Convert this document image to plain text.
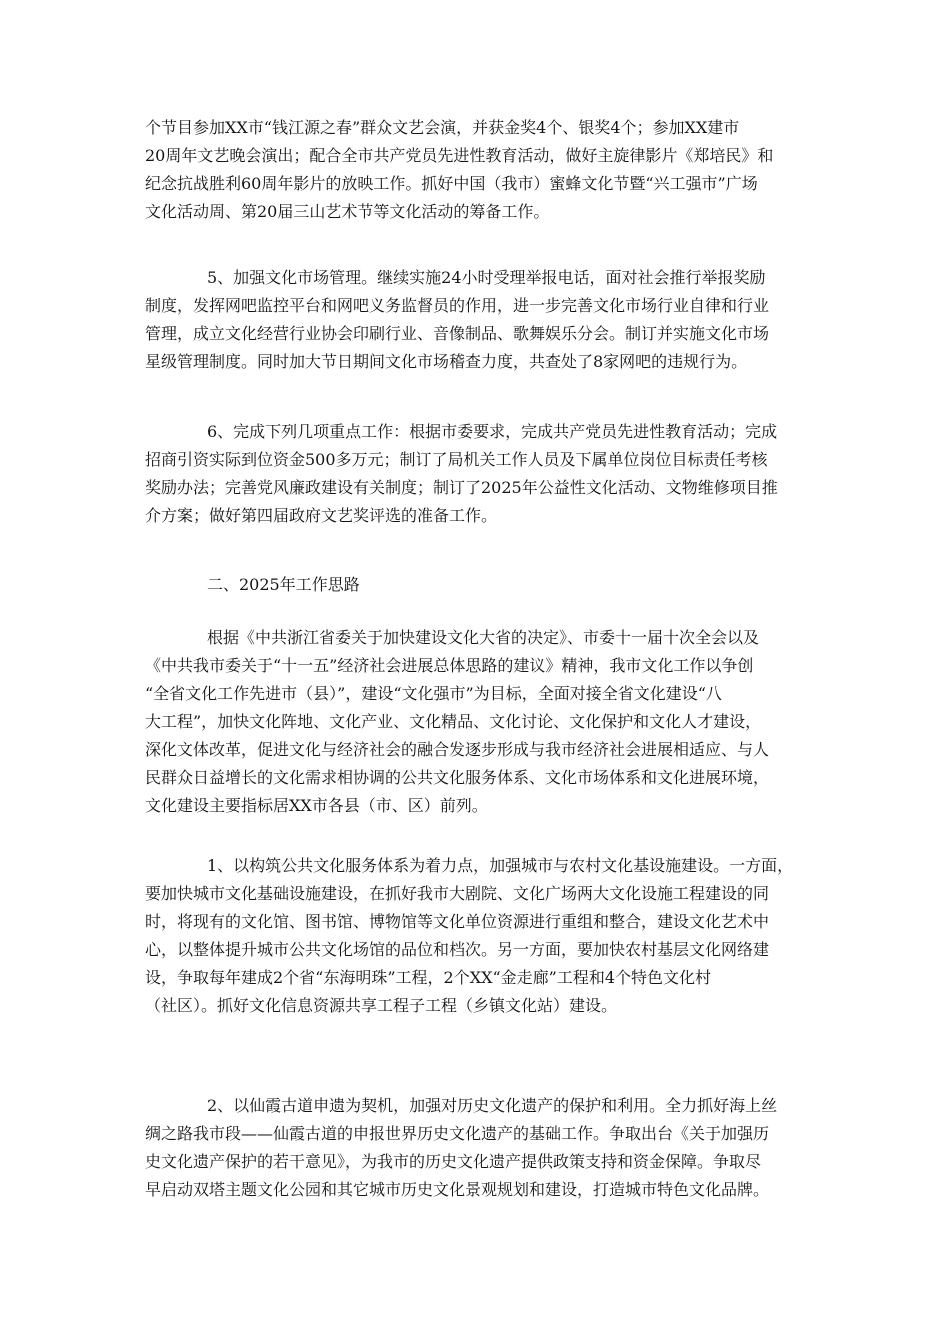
个节目参加XX市“钱江源之春”群众文艺会演，并获金奖4个、银奖4个；参加XX建市
20周年文艺晚会演出；配合全市共产党员先进性教育活动，做好主旋律影片《郑培民》和
纪念抗战胜利60周年影片的放映工作。抓好中国（我市）蜜蜂文化节暨“兴工强市”广场
文化活动周、第20届三山艺术节等文化活动的筹备工作。
5、加强文化市场管理。继续实施24小时受理举报电话，面对社会推行举报奖励
制度，发挥网吧监控平台和网吧义务监督员的作用，进一步完善文化市场行业自律和行业
管理，成立文化经营行业协会印刷行业、音像制品、歌舞娱乐分会。制订并实施文化市场
星级管理制度。同时加大节日期间文化市场稽查力度，共查处了8家网吧的违规行为。
6、完成下列几项重点工作：根据市委要求，完成共产党员先进性教育活动；完成
招商引资实际到位资金500多万元；制订了局机关工作人员及下属单位岗位目标责任考核
奖励办法；完善党风廉政建设有关制度；制订了2025年公益性文化活动、文物维修项目推
介方案；做好第四届政府文艺奖评选的准备工作。
二、2025年工作思路
根据《中共浙江省委关于加快建设文化大省的决定》、市委十一届十次全会以及
《中共我市委关于“十一五”经济社会进展总体思路的建议》精神，我市文化工作以争创
“全省文化工作先进市（县）”，建设“文化强市”为目标，全面对接全省文化建设“八
大工程”，加快文化阵地、文化产业、文化精品、文化讨论、文化保护和文化人才建设，
深化文体改革，促进文化与经济社会的融合发逐步形成与我市经济社会进展相适应、与人
民群众日益增长的文化需求相协调的公共文化服务体系、文化市场体系和文化进展环境，
文化建设主要指标居XX市各县（市、区）前列。
1、以构筑公共文化服务体系为着力点，加强城市与农村文化基设施建设。一方面，
要加快城市文化基础设施建设，在抓好我市大剧院、文化广场两大文化设施工程建设的同
时，将现有的文化馆、图书馆、博物馆等文化单位资源进行重组和整合，建设文化艺术中
心，以整体提升城市公共文化场馆的品位和档次。另一方面，要加快农村基层文化网络建
设，争取每年建成2个省“东海明珠”工程，2个XX“金走廊”工程和4个特色文化村
（社区）。抓好文化信息资源共享工程子工程（乡镇文化站）建设。
2、以仙霞古道申遗为契机，加强对历史文化遗产的保护和利用。全力抓好海上丝
绸之路我市段——仙霞古道的申报世界历史文化遗产的基础工作。争取出台《关于加强历
史文化遗产保护的若干意见》，为我市的历史文化遗产提供政策支持和资金保障。争取尽
早启动双塔主题文化公园和其它城市历史文化景观规划和建设，打造城市特色文化品牌。
